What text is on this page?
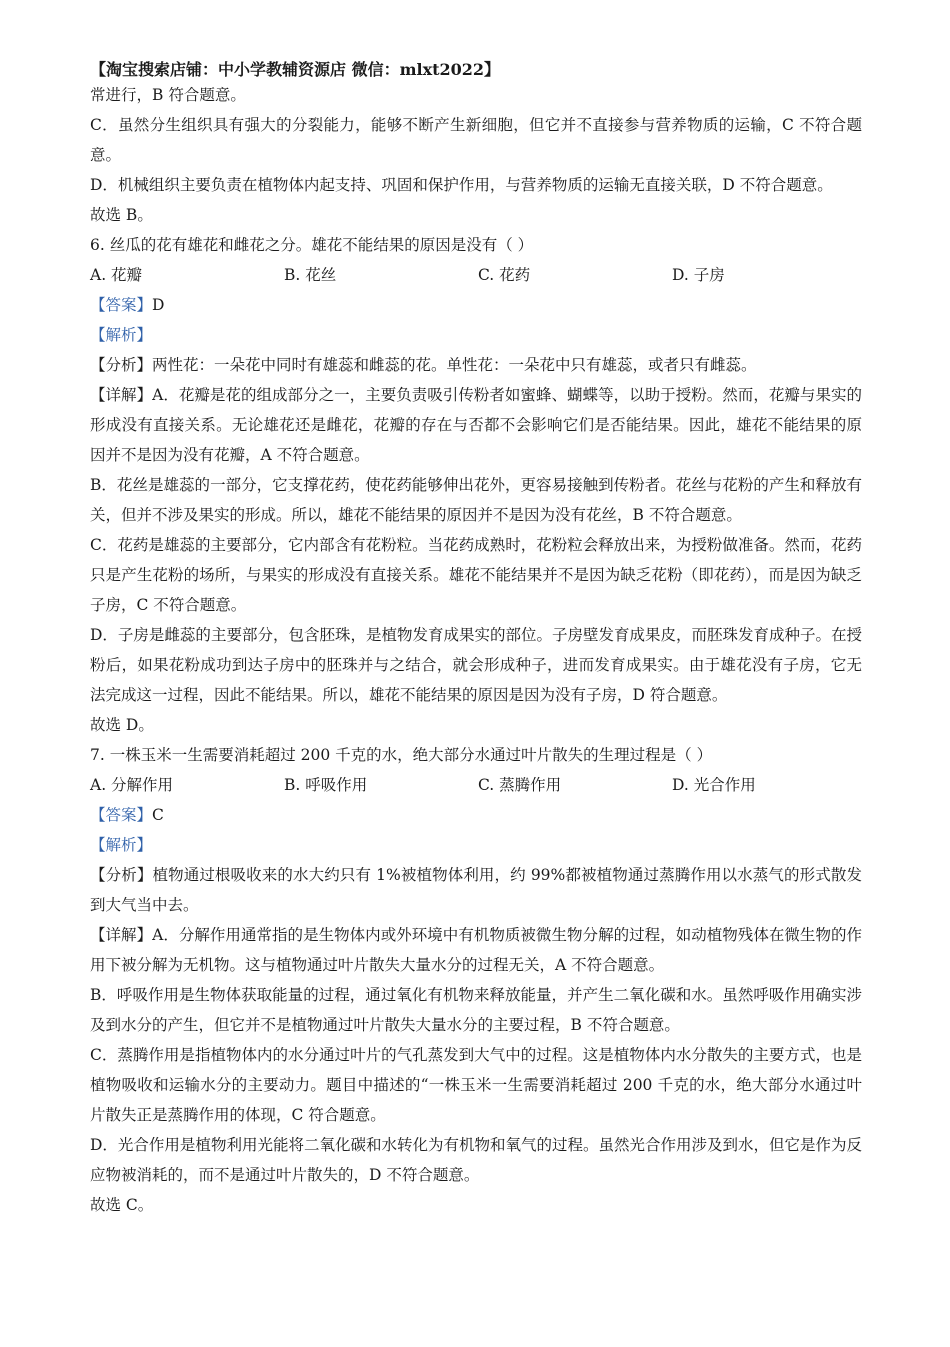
【淘宝搜索店铺：中小学教辅资源店 微信：mlxt2022】

常进行，B 符合题意。

C．虽然分生组织具有强大的分裂能力，能够不断产生新细胞，但它并不直接参与营养物质的运输，C 不符合题意。

D．机械组织主要负责在植物体内起支持、巩固和保护作用，与营养物质的运输无直接关联，D 不符合题意。

故选 B。

6. 丝瓜的花有雄花和雌花之分。雄花不能结果的原因是没有（ ）

A. 花瓣	B. 花丝	C. 花药	D. 子房

【答案】D

【解析】

【分析】两性花：一朵花中同时有雄蕊和雌蕊的花。单性花：一朵花中只有雄蕊，或者只有雌蕊。

【详解】A．花瓣是花的组成部分之一，主要负责吸引传粉者如蜜蜂、蝴蝶等，以助于授粉。然而，花瓣与果实的形成没有直接关系。无论雄花还是雌花，花瓣的存在与否都不会影响它们是否能结果。因此，雄花不能结果的原因并不是因为没有花瓣，A 不符合题意。

B．花丝是雄蕊的一部分，它支撑花药，使花药能够伸出花外，更容易接触到传粉者。花丝与花粉的产生和释放有关，但并不涉及果实的形成。所以，雄花不能结果的原因并不是因为没有花丝，B 不符合题意。

C．花药是雄蕊的主要部分，它内部含有花粉粒。当花药成熟时，花粉粒会释放出来，为授粉做准备。然而，花药只是产生花粉的场所，与果实的形成没有直接关系。雄花不能结果并不是因为缺乏花粉（即花药），而是因为缺乏子房，C 不符合题意。

D．子房是雌蕊的主要部分，包含胚珠，是植物发育成果实的部位。子房壁发育成果皮，而胚珠发育成种子。在授粉后，如果花粉成功到达子房中的胚珠并与之结合，就会形成种子，进而发育成果实。由于雄花没有子房，它无法完成这一过程，因此不能结果。所以，雄花不能结果的原因是因为没有子房，D 符合题意。

故选 D。

7. 一株玉米一生需要消耗超过 200 千克的水，绝大部分水通过叶片散失的生理过程是（ ）

A. 分解作用	B. 呼吸作用	C. 蒸腾作用	D. 光合作用

【答案】C

【解析】

【分析】植物通过根吸收来的水大约只有 1%被植物体利用，约 99%都被植物通过蒸腾作用以水蒸气的形式散发到大气当中去。

【详解】A．分解作用通常指的是生物体内或外环境中有机物质被微生物分解的过程，如动植物残体在微生物的作用下被分解为无机物。这与植物通过叶片散失大量水分的过程无关，A 不符合题意。

B．呼吸作用是生物体获取能量的过程，通过氧化有机物来释放能量，并产生二氧化碳和水。虽然呼吸作用确实涉及到水分的产生，但它并不是植物通过叶片散失大量水分的主要过程，B 不符合题意。

C．蒸腾作用是指植物体内的水分通过叶片的气孔蒸发到大气中的过程。这是植物体内水分散失的主要方式，也是植物吸收和运输水分的主要动力。题目中描述的“一株玉米一生需要消耗超过 200 千克的水，绝大部分水通过叶片散失正是蒸腾作用的体现，C 符合题意。

D．光合作用是植物利用光能将二氧化碳和水转化为有机物和氧气的过程。虽然光合作用涉及到水，但它是作为反应物被消耗的，而不是通过叶片散失的，D 不符合题意。

故选 C。
